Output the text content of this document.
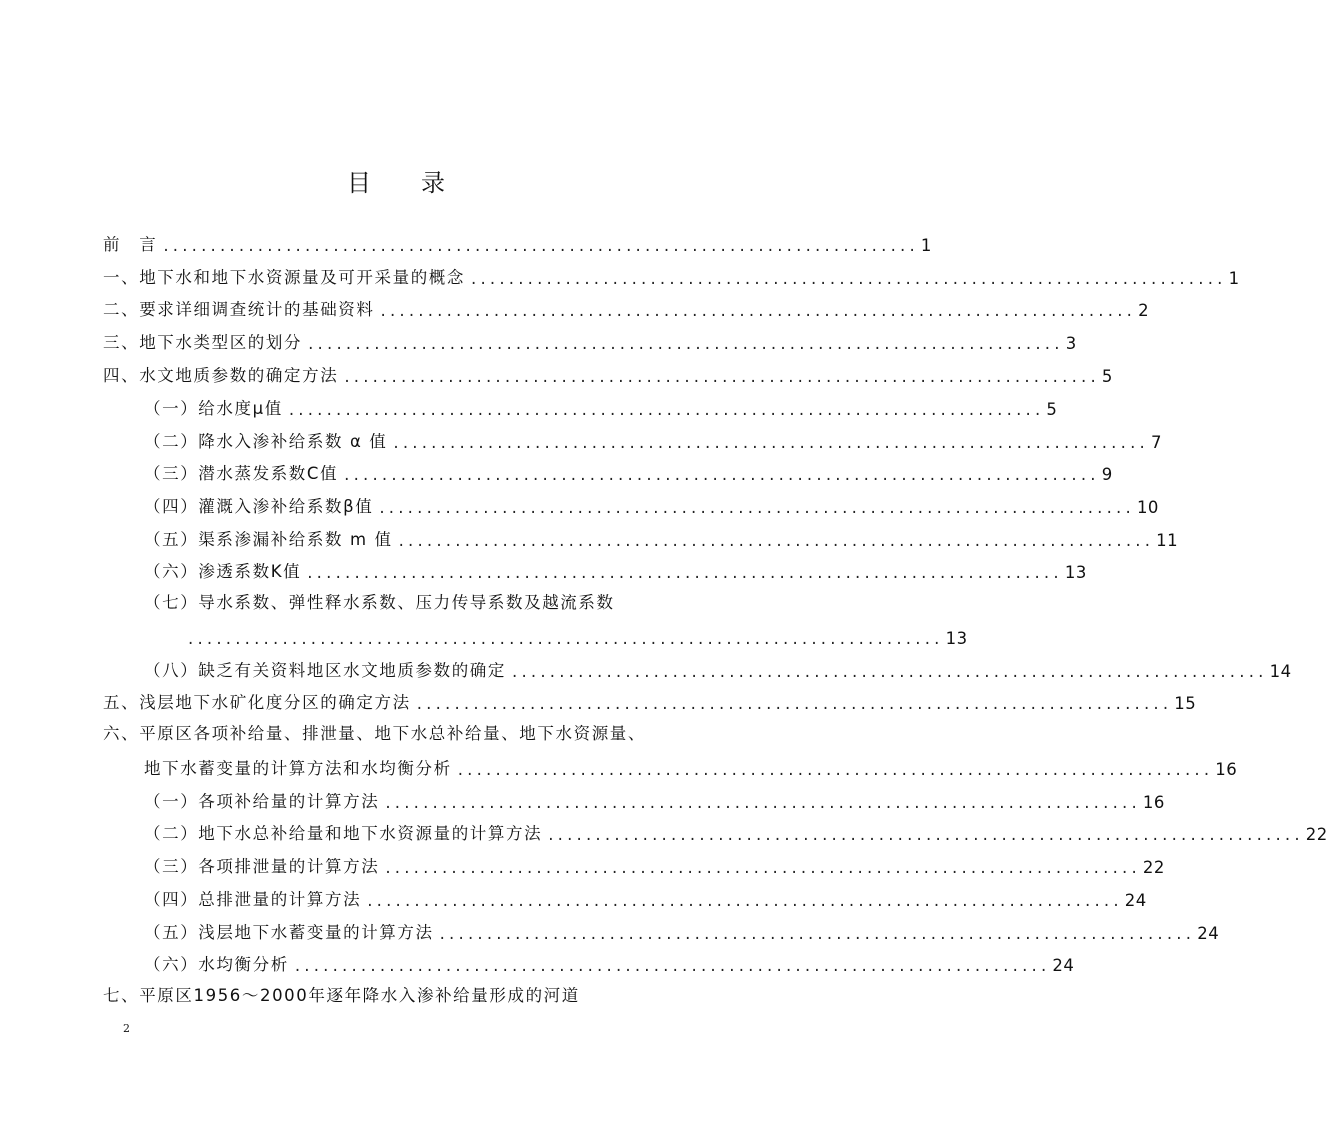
目 录
前　言 ................................................................................ 1
一、地下水和地下水资源量及可开采量的概念 ................................................................................ 1
二、要求详细调查统计的基础资料 ................................................................................ 2
三、地下水类型区的划分 ................................................................................ 3
四、水文地质参数的确定方法 ................................................................................ 5
（一）给水度μ值 ................................................................................ 5
（二）降水入渗补给系数 α 值 ................................................................................ 7
（三）潜水蒸发系数C值 ................................................................................ 9
（四）灌溉入渗补给系数β值 ................................................................................ 10
（五）渠系渗漏补给系数 m 值 ................................................................................ 11
（六）渗透系数K值 ................................................................................ 13
（七）导水系数、弹性释水系数、压力传导系数及越流系数
................................................................................ 13
（八）缺乏有关资料地区水文地质参数的确定 ................................................................................ 14
五、浅层地下水矿化度分区的确定方法 ................................................................................ 15
六、平原区各项补给量、排泄量、地下水总补给量、地下水资源量、
地下水蓄变量的计算方法和水均衡分析 ................................................................................ 16
（一）各项补给量的计算方法 ................................................................................ 16
（二）地下水总补给量和地下水资源量的计算方法 ................................................................................ 22
（三）各项排泄量的计算方法 ................................................................................ 22
（四）总排泄量的计算方法 ................................................................................ 24
（五）浅层地下水蓄变量的计算方法 ................................................................................ 24
（六）水均衡分析 ................................................................................ 24
七、平原区1956～2000年逐年降水入渗补给量形成的河道
2
